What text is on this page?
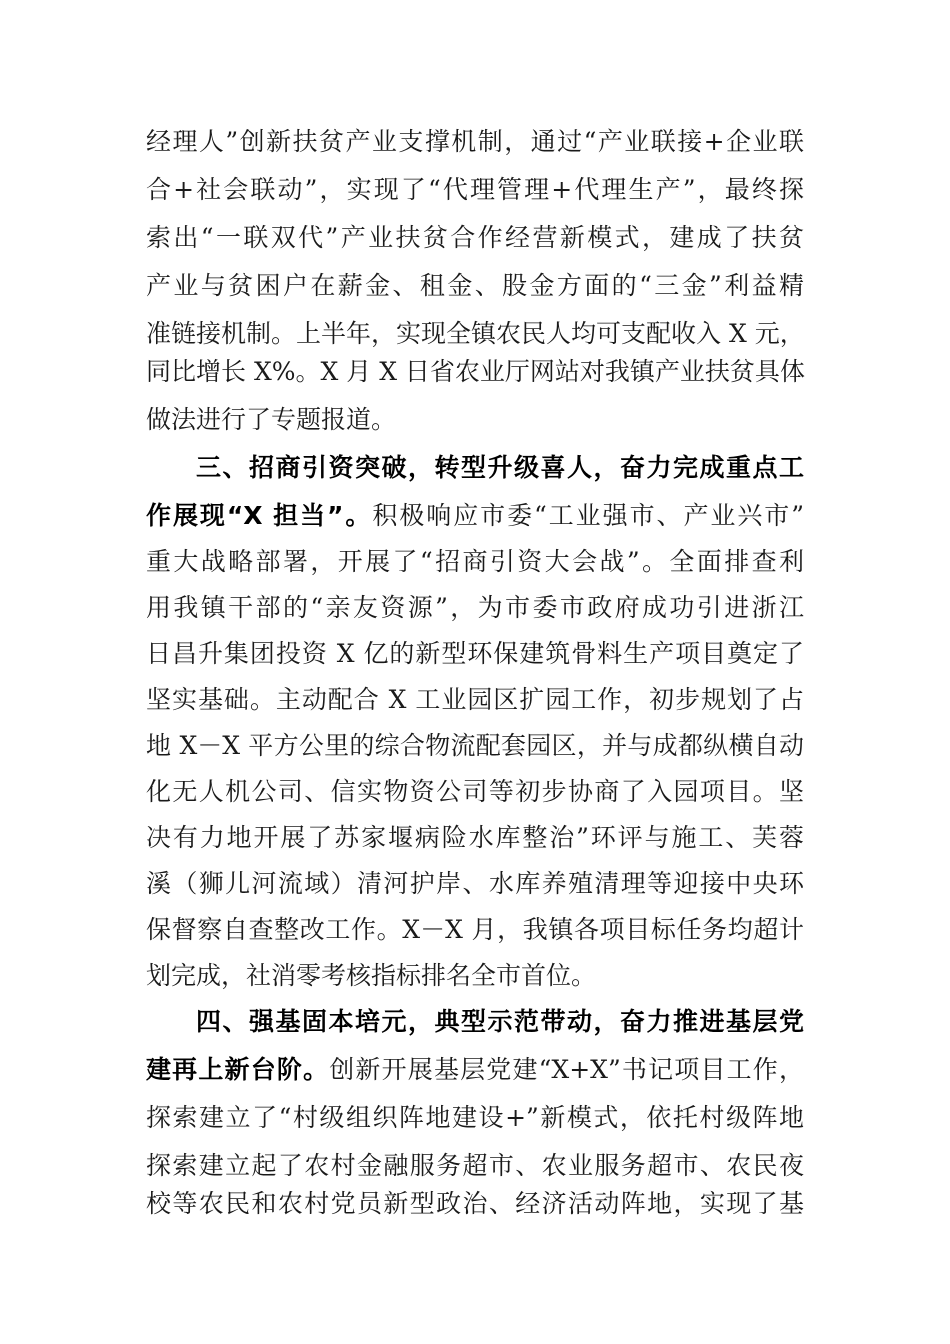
经理人”创新扶贫产业支撑机制，通过“产业联接+企业联
合+社会联动”，实现了“代理管理+代理生产”，最终探
索出“一联双代”产业扶贫合作经营新模式，建成了扶贫
产业与贫困户在薪金、租金、股金方面的“三金”利益精
准链接机制。上半年，实现全镇农民人均可支配收入 X 元，
同比增长 X%。X 月 X 日省农业厅网站对我镇产业扶贫具体
做法进行了专题报道。
三、招商引资突破，转型升级喜人，奋力完成重点工
作展现“X 担当”。积极响应市委“工业强市、产业兴市”
重大战略部署，开展了“招商引资大会战”。全面排查利
用我镇干部的“亲友资源”，为市委市政府成功引进浙江
日昌升集团投资 X 亿的新型环保建筑骨料生产项目奠定了
坚实基础。主动配合 X 工业园区扩园工作，初步规划了占
地 X－X 平方公里的综合物流配套园区，并与成都纵横自动
化无人机公司、信实物资公司等初步协商了入园项目。坚
决有力地开展了苏家堰病险水库整治”环评与施工、芙蓉
溪（狮儿河流域）清河护岸、水库养殖清理等迎接中央环
保督察自查整改工作。X－X 月，我镇各项目标任务均超计
划完成，社消零考核指标排名全市首位。
四、强基固本培元，典型示范带动，奋力推进基层党
建再上新台阶。创新开展基层党建“X+X”书记项目工作，
探索建立了“村级组织阵地建设+”新模式，依托村级阵地
探索建立起了农村金融服务超市、农业服务超市、农民夜
校等农民和农村党员新型政治、经济活动阵地，实现了基
